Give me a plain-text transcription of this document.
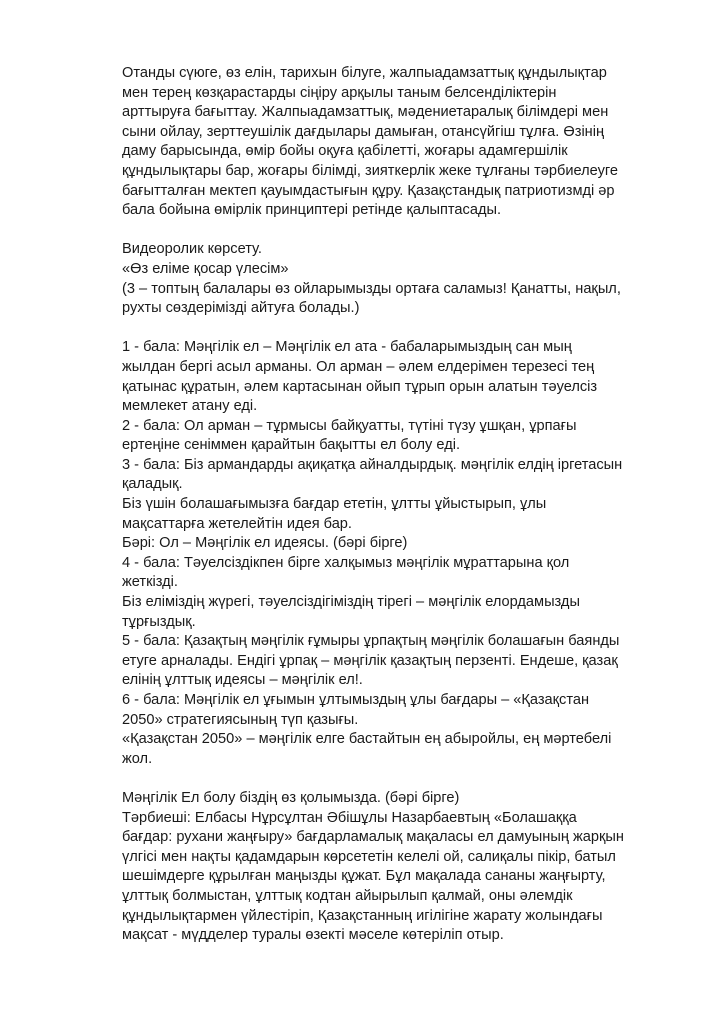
Отанды сүюге, өз елін, тарихын білуге, жалпыадамзаттық құндылықтар
мен терең көзқарастарды сіңіру арқылы таным белсенділіктерін
арттыруға бағыттау. Жалпыадамзаттық, мәдениетаралық білімдері мен
сыни ойлау, зерттеушілік дағдылары дамыған, отансүйгіш тұлға. Өзінің
даму барысында, өмір бойы оқуға қабілетті, жоғары адамгершілік
құндылықтары бар, жоғары білімді, зияткерлік жеке тұлғаны тәрбиелеуге
бағытталған мектеп қауымдастығын құру. Қазақстандық патриотизмді әр
бала бойына өмірлік принциптері ретінде қалыптасады.
Видеоролик көрсету.
«Өз еліме қосар үлесім»
(3 – топтың балалары өз ойларымызды ортаға саламыз! Қанатты, нақыл,
рухты сөздерімізді айтуға болады.)
1 - бала: Мәңгілік ел – Мәңгілік ел ата - бабаларымыздың сан мың
жылдан бергі асыл арманы. Ол арман – әлем елдерімен терезесі тең
қатынас құратын, әлем картасынан ойып тұрып орын алатын тәуелсіз
мемлекет атану еді.
2 - бала: Ол арман – тұрмысы байқуатты, түтіні түзу ұшқан, ұрпағы
ертеңіне сеніммен қарайтын бақытты ел болу еді.
3 - бала: Біз армандарды ақиқатқа айналдырдық. мәңгілік елдің іргетасын
қаладық.
Біз үшін болашағымызға бағдар ететін, ұлтты ұйыстырып, ұлы
мақсаттарға жетелейтін идея бар.
Бәрі: Ол – Мәңгілік ел идеясы. (бәрі бірге)
4 - бала: Тәуелсіздікпен бірге халқымыз мәңгілік мұраттарына қол
жеткізді.
Біз еліміздің жүрегі, тәуелсіздігіміздің тірегі – мәңгілік елордамызды
тұрғыздық.
5 - бала: Қазақтың мәңгілік ғұмыры ұрпақтың мәңгілік болашағын баянды
етуге арналады. Ендігі ұрпақ – мәңгілік қазақтың перзенті. Ендеше, қазақ
елінің ұлттық идеясы – мәңгілік ел!.
6 - бала: Мәңгілік ел ұғымын ұлтымыздың ұлы бағдары – «Қазақстан
2050» стратегиясының түп қазығы.
«Қазақстан 2050» – мәңгілік елге бастайтын ең абыройлы, ең мәртебелі
жол.
Мәңгілік Ел болу біздің өз қолымызда. (бәрі бірге)
Тәрбиеші: Елбасы Нұрсұлтан Әбішұлы Назарбаевтың «Болашаққа
бағдар: рухани жаңғыру» бағдарламалық мақаласы ел дамуының жарқын
үлгісі мен нақты қадамдарын көрсететін келелі ой, салиқалы пікір, батыл
шешімдерге құрылған маңызды құжат. Бұл мақалада сананы жаңғырту,
ұлттық болмыстан, ұлттық кодтан айырылып қалмай, оны әлемдік
құндылықтармен үйлестіріп, Қазақстанның игілігіне жарату жолындағы
мақсат - мүдделер туралы өзекті мәселе көтеріліп отыр.
